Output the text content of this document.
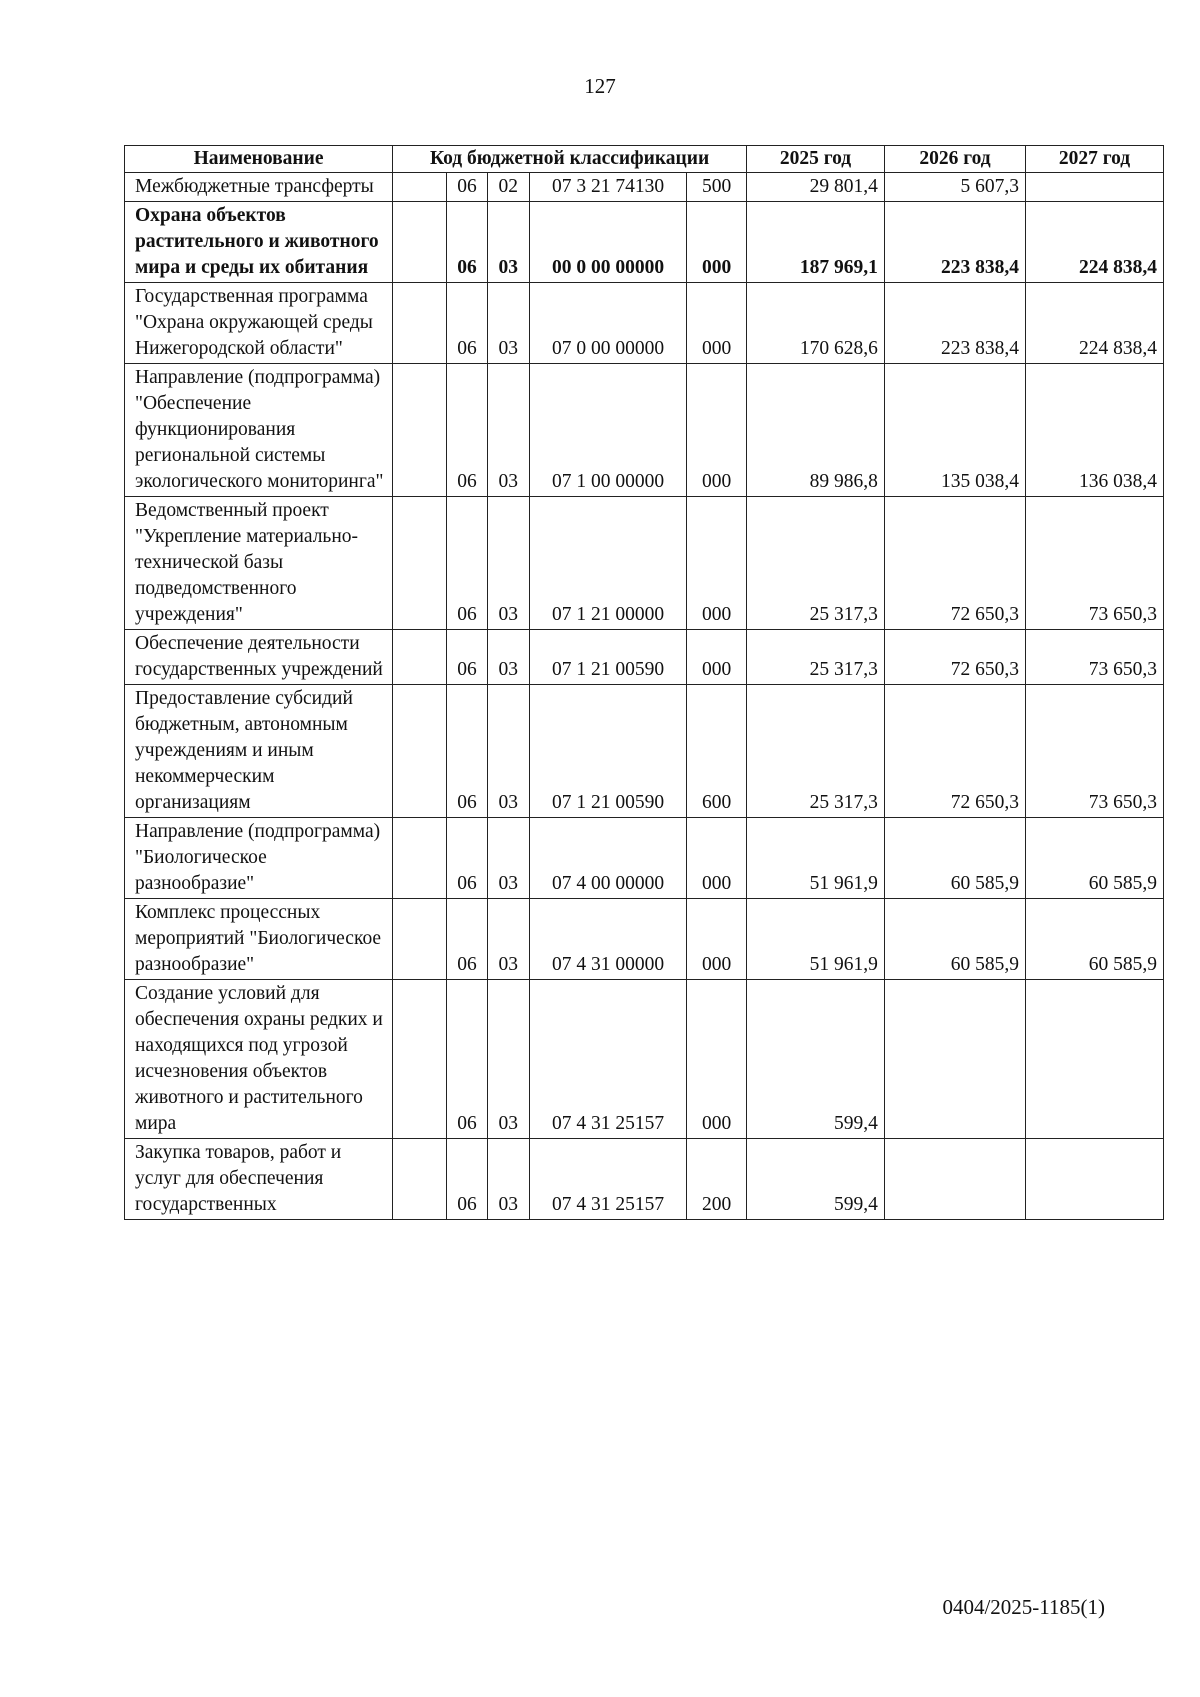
127
Наименование	Код бюджетной классификации					2025 год	2026 год	2027 год
Межбюджетные трансферты		06	02	07 3 21 74130	500	29 801,4	5 607,3	
Охрана объектов растительного и животного мира и среды их обитания		06	03	00 0 00 00000	000	187 969,1	223 838,4	224 838,4
Государственная программа "Охрана окружающей среды Нижегородской области"		06	03	07 0 00 00000	000	170 628,6	223 838,4	224 838,4
Направление (подпрограмма) "Обеспечение функционирования региональной системы экологического мониторинга"		06	03	07 1 00 00000	000	89 986,8	135 038,4	136 038,4
Ведомственный проект "Укрепление материально-технической базы подведомственного учреждения"		06	03	07 1 21 00000	000	25 317,3	72 650,3	73 650,3
Обеспечение деятельности государственных учреждений		06	03	07 1 21 00590	000	25 317,3	72 650,3	73 650,3
Предоставление субсидий бюджетным, автономным учреждениям и иным некоммерческим организациям		06	03	07 1 21 00590	600	25 317,3	72 650,3	73 650,3
Направление (подпрограмма) "Биологическое разнообразие"		06	03	07 4 00 00000	000	51 961,9	60 585,9	60 585,9
Комплекс процессных мероприятий "Биологическое разнообразие"		06	03	07 4 31 00000	000	51 961,9	60 585,9	60 585,9
Создание условий для обеспечения охраны редких и находящихся под угрозой исчезновения объектов животного и растительного мира		06	03	07 4 31 25157	000	599,4		
Закупка товаров, работ и услуг для обеспечения государственных		06	03	07 4 31 25157	200	599,4		
0404/2025-1185(1)
